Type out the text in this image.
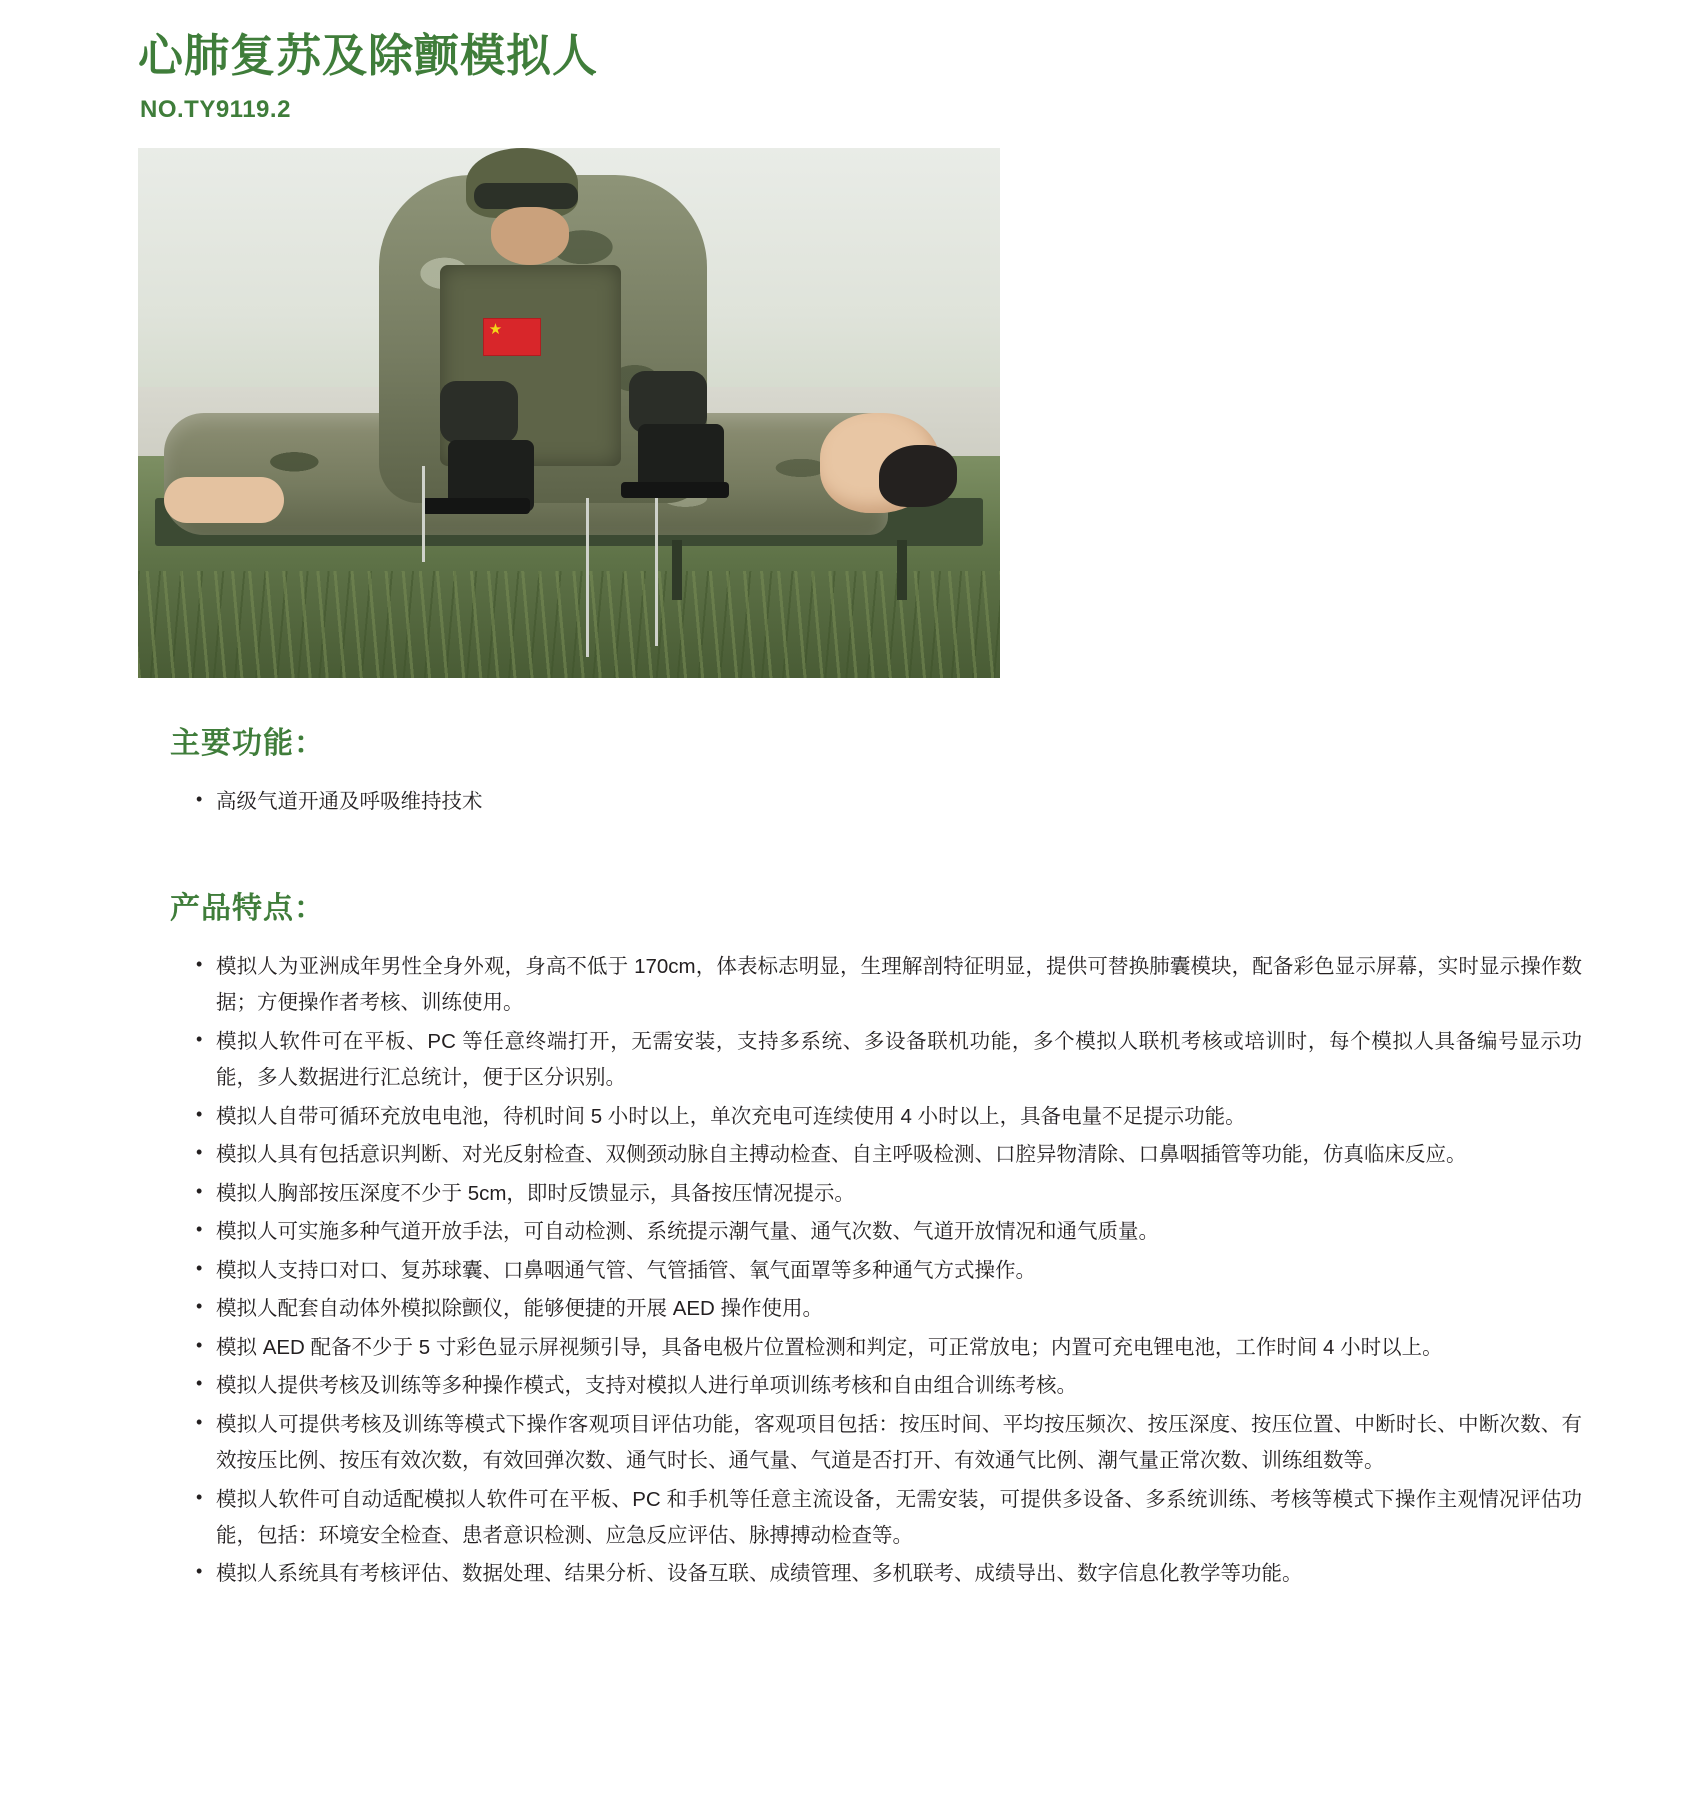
心肺复苏及除颤模拟人
NO.TY9119.2
★
主要功能：
• 高级气道开通及呼吸维持技术
产品特点：
• 模拟人为亚洲成年男性全身外观，身高不低于 170cm，体表标志明显，生理解剖特征明显，提供可替换肺囊模块，配备彩色显示屏幕，实时显示操作数据；方便操作者考核、训练使用。
• 模拟人软件可在平板、PC 等任意终端打开，无需安装，支持多系统、多设备联机功能，多个模拟人联机考核或培训时，每个模拟人具备编号显示功能，多人数据进行汇总统计，便于区分识别。
• 模拟人自带可循环充放电电池，待机时间 5 小时以上，单次充电可连续使用 4 小时以上，具备电量不足提示功能。
• 模拟人具有包括意识判断、对光反射检查、双侧颈动脉自主搏动检查、自主呼吸检测、口腔异物清除、口鼻咽插管等功能，仿真临床反应。
• 模拟人胸部按压深度不少于 5cm，即时反馈显示，具备按压情况提示。
• 模拟人可实施多种气道开放手法，可自动检测、系统提示潮气量、通气次数、气道开放情况和通气质量。
• 模拟人支持口对口、复苏球囊、口鼻咽通气管、气管插管、氧气面罩等多种通气方式操作。
• 模拟人配套自动体外模拟除颤仪，能够便捷的开展 AED 操作使用。
• 模拟 AED 配备不少于 5 寸彩色显示屏视频引导，具备电极片位置检测和判定，可正常放电；内置可充电锂电池，工作时间 4 小时以上。
• 模拟人提供考核及训练等多种操作模式，支持对模拟人进行单项训练考核和自由组合训练考核。
• 模拟人可提供考核及训练等模式下操作客观项目评估功能，客观项目包括：按压时间、平均按压频次、按压深度、按压位置、中断时长、中断次数、有效按压比例、按压有效次数，有效回弹次数、通气时长、通气量、气道是否打开、有效通气比例、潮气量正常次数、训练组数等。
• 模拟人软件可自动适配模拟人软件可在平板、PC 和手机等任意主流设备，无需安装，可提供多设备、多系统训练、考核等模式下操作主观情况评估功能，包括：环境安全检查、患者意识检测、应急反应评估、脉搏搏动检查等。
• 模拟人系统具有考核评估、数据处理、结果分析、设备互联、成绩管理、多机联考、成绩导出、数字信息化教学等功能。
